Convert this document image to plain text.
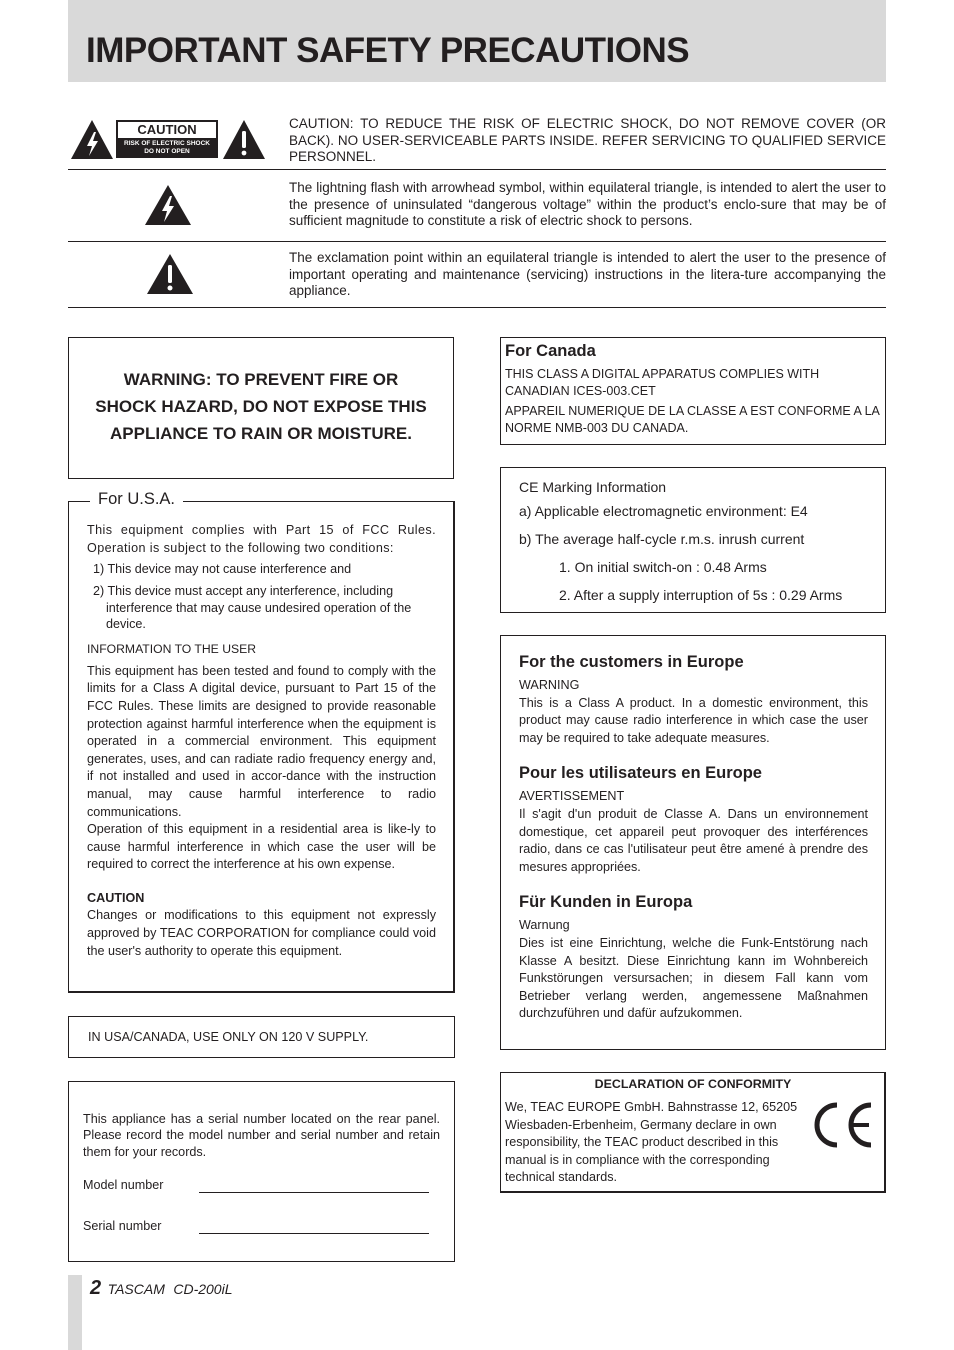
IMPORTANT SAFETY PRECAUTIONS
CAUTION
RISK OF ELECTRIC SHOCK
DO NOT OPEN

CAUTION: TO REDUCE THE RISK OF ELECTRIC SHOCK, DO NOT REMOVE COVER (OR BACK). NO USER-SERVICEABLE PARTS INSIDE. REFER SERVICING TO QUALIFIED SERVICE PERSONNEL.

The lightning flash with arrowhead symbol, within equilateral triangle, is intended to alert the user to the presence of uninsulated “dangerous voltage” within the product’s enclo-sure that may be of sufficient magnitude to constitute a risk of electric shock to persons.

The exclamation point within an equilateral triangle is intended to alert the user to the presence of important operating and maintenance (servicing) instructions in the litera-ture accompanying the appliance.

WARNING: TO PREVENT FIRE OR

SHOCK HAZARD, DO NOT EXPOSE THIS

APPLIANCE TO RAIN OR MOISTURE.

For U.S.A.

This equipment complies with Part 15 of FCC Rules. Operation is subject to the following two conditions:

1) This device may not cause interference and

2) This device must accept any interference, including interference that may cause undesired operation of the device.

INFORMATION TO THE USER

This equipment has been tested and found to comply with the limits for a Class A digital device, pursuant to Part 15 of the FCC Rules. These limits are designed to provide reasonable protection against harmful interference when the equipment is operated in a commercial environment. This equipment generates, uses, and can radiate radio frequency energy and, if not installed and used in accor-dance with the instruction manual, may cause harmful interference to radio communications.

Operation of this equipment in a residential area is like-ly to cause harmful interference in which case the user will be required to correct the interference at his own expense.

CAUTION

Changes or modifications to this equipment not expressly approved by TEAC CORPORATION for compliance could void the user's authority to operate this equipment.

IN USA/CANADA, USE ONLY ON 120 V SUPPLY.

This appliance has a serial number located on the rear panel. Please record the model number and serial number and retain them for your records.

Model number

Serial number

For Canada

THIS CLASS A DIGITAL APPARATUS COMPLIES WITH CANADIAN ICES-003.CET

APPAREIL NUMERIQUE DE LA CLASSE A EST CONFORME A LA NORME NMB-003 DU CANADA.

CE Marking Information

a) Applicable electromagnetic environment: E4

b) The average half-cycle r.m.s. inrush current

1. On initial switch-on : 0.48 Arms

2. After a supply interruption of 5s : 0.29 Arms

For the customers in Europe

WARNING

This is a Class A product. In a domestic environment, this product may cause radio interference in which case the user may be required to take adequate measures.

Pour les utilisateurs en Europe

AVERTISSEMENT

Il s'agit d'un produit de Classe A. Dans un environnement domestique, cet appareil peut provoquer des interférences radio, dans ce cas l'utilisateur peut être amené à prendre des mesures appropriées.

Für Kunden in Europa

Warnung

Dies ist eine Einrichtung, welche die Funk-Entstörung nach Klasse A besitzt. Diese Einrichtung kann im Wohnbereich Funkstörungen versursachen; in diesem Fall kann vom Betrieber verlang werden, angemessene Maßnahmen durchzuführen und dafür aufzukommen.

DECLARATION OF CONFORMITY

We, TEAC EUROPE GmbH. Bahnstrasse 12, 65205 Wiesbaden-Erbenheim, Germany declare in own responsibility, the TEAC product described in this manual is in compliance with the corresponding technical standards.

2 TASCAM CD-200iL
